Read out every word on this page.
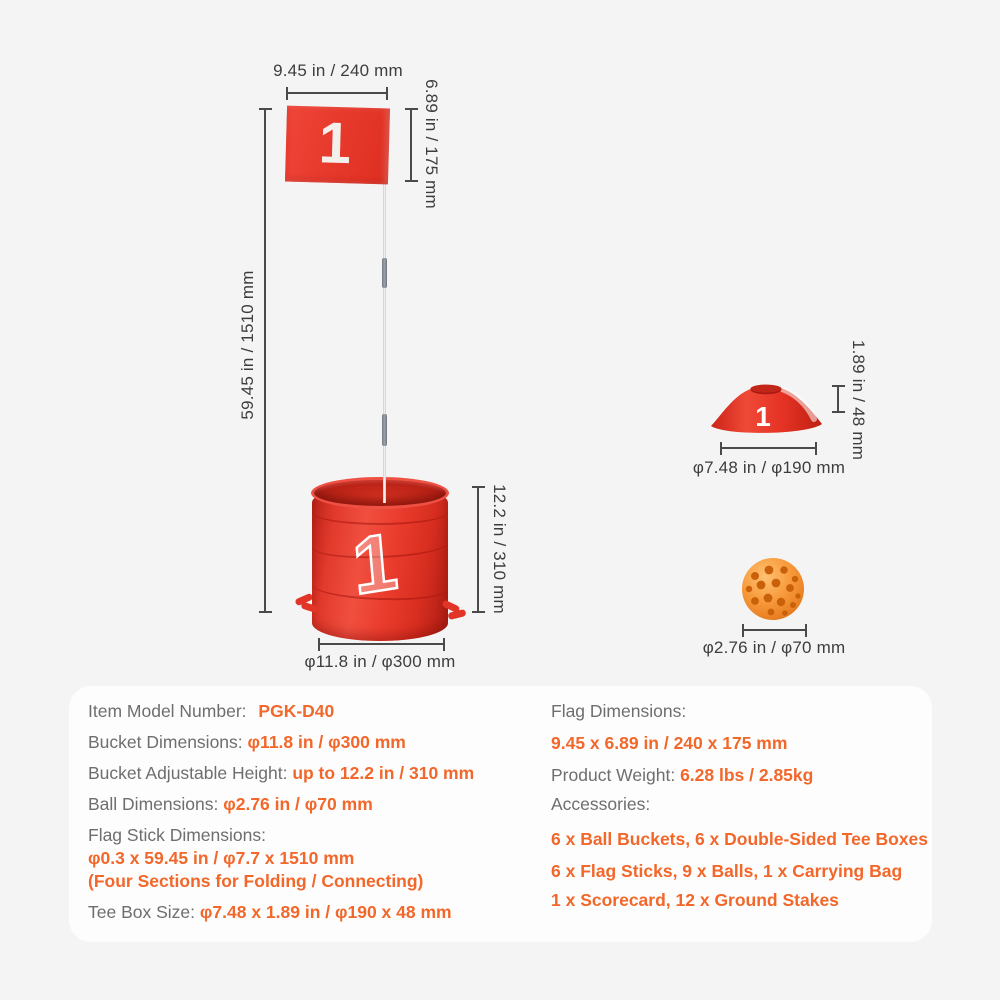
9.45 in / 240 mm
59.45 in / 1510 mm
6.89 in / 175 mm
1
1	12.2 in / 310 mm
φ11.8 in / φ300 mm
1	1.89 in / 48 mm
φ7.48 in / φ190 mm
φ2.76 in / φ70 mm
Item Model Number: PGK-D40
Bucket Dimensions: φ11.8 in / φ300 mm
Bucket Adjustable Height: up to 12.2 in / 310 mm
Ball Dimensions: φ2.76 in / φ70 mm
Flag Stick Dimensions:
φ0.3 x 59.45 in / φ7.7 x 1510 mm
(Four Sections for Folding / Connecting)
Tee Box Size: φ7.48 x 1.89 in / φ190 x 48 mm
Flag Dimensions:
9.45 x 6.89 in / 240 x 175 mm
Product Weight: 6.28 lbs / 2.85kg
Accessories:
6 x Ball Buckets, 6 x Double-Sided Tee Boxes
6 x Flag Sticks, 9 x Balls, 1 x Carrying Bag
1 x Scorecard, 12 x Ground Stakes
